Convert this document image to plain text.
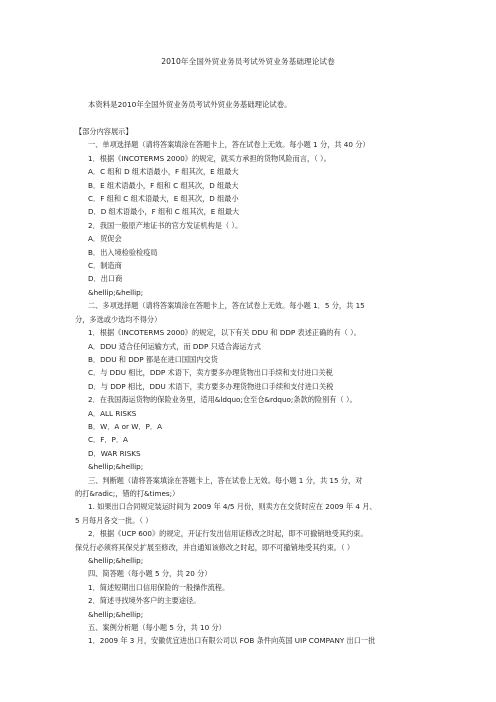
2010年全国外贸业务员考试外贸业务基础理论试卷
本资料是2010年全国外贸业务员考试外贸业务基础理论试卷。
【部分内容展示】
一、单项选择题（请将答案填涂在答题卡上，答在试卷上无效。每小题 1 分，共 40 分）
1．根据《INCOTERMS 2000》的规定，就买方承担的货物风险而言，（ ）。
A．C 组和 D 组术语最小，F 组其次，E 组最大
B．E 组术语最小，F 组和 C 组其次，D 组最大
C．F 组和 C 组术语最大，E 组其次，D 组最小
D．D 组术语最小，F 组和 C 组其次，E 组最大
2．我国一般原产地证书的官方发证机构是（ ）。
A．贸促会
B．出入境检验检疫局
C．制造商
D．出口商
&hellip;&hellip;
二、多项选择题（请将答案填涂在答题卡上，答在试卷上无效。每小题 1．5 分，共 15
分，多选或少选均不得分）
1．根据《INCOTERMS 2000》的规定，以下有关 DDU 和 DDP 表述正确的有（ ）。
A．DDU 适合任何运输方式，而 DDP 只适合海运方式
B．DDU 和 DDP 都是在进口国国内交货
C．与 DDU 相比，DDP 术语下，卖方要多办理货物出口手续和支付进口关税
D．与 DDP 相比，DDU 术语下，卖方要多办理货物进口手续和支付进口关税
2．在我国海运货物的保险业务里，适用&ldquo;仓至仓&rdquo;条款的险别有（ ）。
A．ALL RISKS
B．W．A or W．P．A
C．F．P．A
D．WAR RISKS
&hellip;&hellip;
三、判断题（请将答案填涂在答题卡上，答在试卷上无效。每小题 1 分，共 15 分，对
的打&radic;，错的打&times;）
1. 如果出口合同规定装运时间为 2009 年 4/5 月份，则卖方在交货时应在 2009 年 4 月、
5 月每月各交一批。（ ）
2．根据《UCP 600》的规定，开证行发出信用证修改之时起，即不可撤销地受其约束。
保兑行必须将其保兑扩展至修改，并自通知该修改之时起，即不可撤销地受其约束。（ ）
&hellip;&hellip;
四、简答题（每小题 5 分，共 20 分）
1．简述短期出口信用保险的一般操作流程。
2．简述寻找境外客户的主要途径。
&hellip;&hellip;
五、案例分析题（每小题 5 分，共 10 分）
1．2009 年 3 月，安徽优宜进出口有限公司以 FOB 条件向英国 UIP COMPANY 出口一批
